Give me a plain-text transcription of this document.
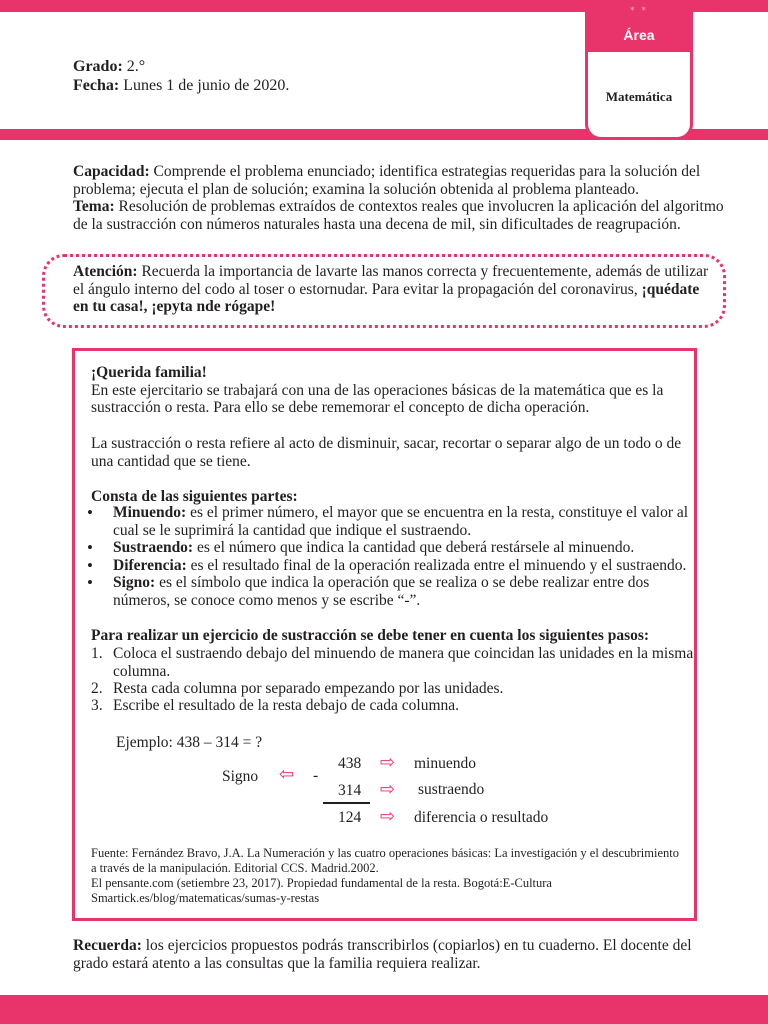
* *
Área
Matemática
Grado: 2.°
Fecha: Lunes 1 de junio de 2020.
Capacidad: Comprende el problema enunciado; identifica estrategias requeridas para la solución del
problema; ejecuta el plan de solución; examina la solución obtenida al problema planteado.
Tema: Resolución de problemas extraídos de contextos reales que involucren la aplicación del algoritmo
de la sustracción con números naturales hasta una decena de mil, sin dificultades de reagrupación.
Atención: Recuerda la importancia de lavarte las manos correcta y frecuentemente, además de utilizar
el ángulo interno del codo al toser o estornudar. Para evitar la propagación del coronavirus, ¡quédate
en tu casa!, ¡epyta nde rógape!
¡Querida familia!
En este ejercitario se trabajará con una de las operaciones básicas de la matemática que es la
sustracción o resta. Para ello se debe rememorar el concepto de dicha operación.
La sustracción o resta refiere al acto de disminuir, sacar, recortar o separar algo de un todo o de
una cantidad que se tiene.
Consta de las siguientes partes:
• Minuendo: es el primer número, el mayor que se encuentra en la resta, constituye el valor al
cual se le suprimirá la cantidad que indique el sustraendo.
• Sustraendo: es el número que indica la cantidad que deberá restársele al minuendo.
• Diferencia: es el resultado final de la operación realizada entre el minuendo y el sustraendo.
• Signo: es el símbolo que indica la operación que se realiza o se debe realizar entre dos
números, se conoce como menos y se escribe “-”.
Para realizar un ejercicio de sustracción se debe tener en cuenta los siguientes pasos:
1. Coloca el sustraendo debajo del minuendo de manera que coincidan las unidades en la misma
columna.
2. Resta cada columna por separado empezando por las unidades.
3. Escribe el resultado de la resta debajo de cada columna.
Ejemplo: 438 – 314 = ?
Signo ⇦ -
438
314
124
⇨
⇨
⇨
minuendo
sustraendo
diferencia o resultado
Fuente: Fernández Bravo, J.A. La Numeración y las cuatro operaciones básicas: La investigación y el descubrimiento
a través de la manipulación. Editorial CCS. Madrid.2002.
El pensante.com (setiembre 23, 2017). Propiedad fundamental de la resta. Bogotá:E-Cultura
Smartick.es/blog/matematicas/sumas-y-restas
Recuerda: los ejercicios propuestos podrás transcribirlos (copiarlos) en tu cuaderno. El docente del
grado estará atento a las consultas que la familia requiera realizar.
